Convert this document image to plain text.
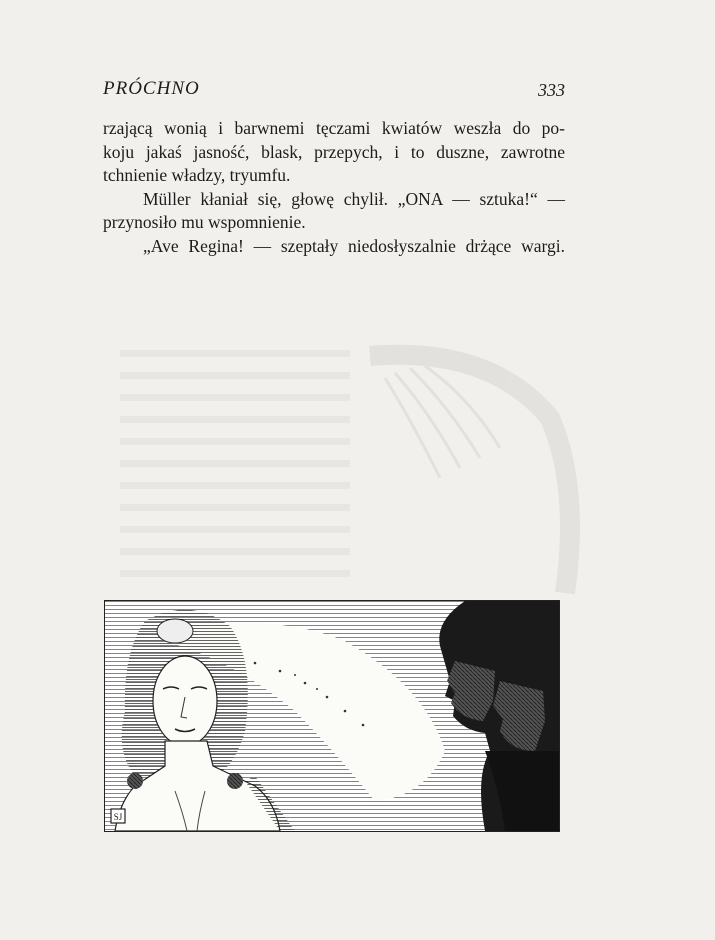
PRÓCHNO	333

rzającą wonią i barwnemi tęczami kwiatów weszła do po-
koju jakaś jasność, blask, przepych, i to duszne, zawrotne
tchnienie władzy, tryumfu.

Müller kłaniał się, głowę chylił. „ONA — sztuka!“ —
przynosiło mu wspomnienie.

„Ave Regina! — szeptały niedosłyszalnie drżące wargi.

SJ
